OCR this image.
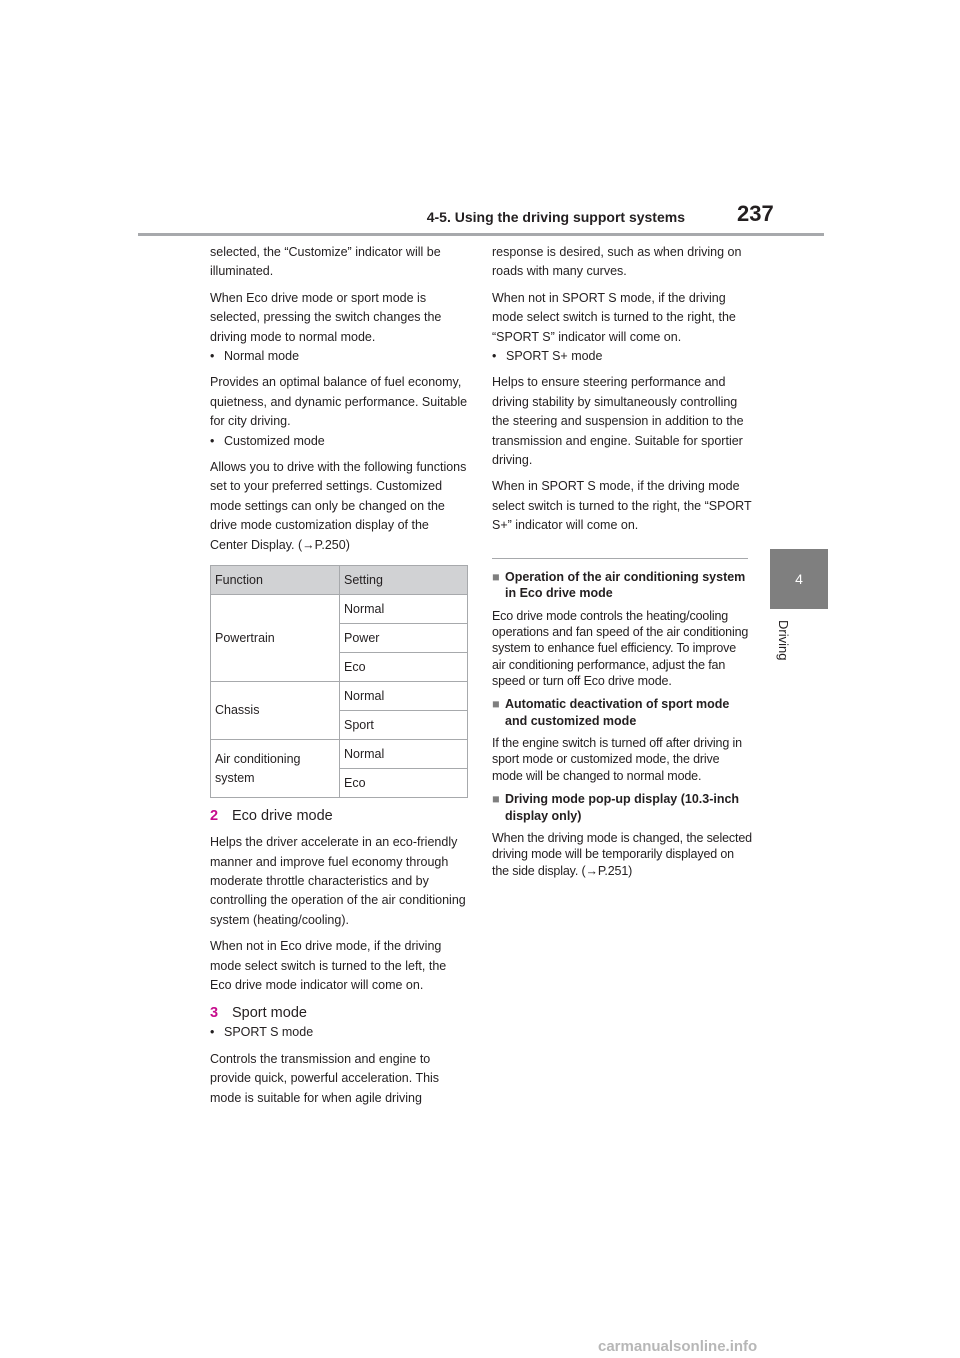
4-5. Using the driving support systems 237
4
Driving

selected, the “Customize” indicator will be illuminated.

When Eco drive mode or sport mode is selected, pressing the switch changes the driving mode to normal mode.

• Normal mode

Provides an optimal balance of fuel economy, quietness, and dynamic performance. Suitable for city driving.

• Customized mode

Allows you to drive with the following functions set to your preferred settings. Customized mode settings can only be changed on the drive mode customization display of the Center Display. (→P.250)

Function	Setting
Powertrain	Normal
	Power
	Eco
Chassis	Normal
	Sport
Air conditioning system	Normal
	Eco
2 Eco drive mode

Helps the driver accelerate in an eco-friendly manner and improve fuel economy through moderate throttle characteristics and by controlling the operation of the air conditioning system (heating/cooling).

When not in Eco drive mode, if the driving mode select switch is turned to the left, the Eco drive mode indicator will come on.

3 Sport mode

• SPORT S mode

Controls the transmission and engine to provide quick, powerful acceleration. This mode is suitable for when agile driving

response is desired, such as when driving on roads with many curves.

When not in SPORT S mode, if the driving mode select switch is turned to the right, the “SPORT S” indicator will come on.

• SPORT S+ mode

Helps to ensure steering performance and driving stability by simultaneously controlling the steering and suspension in addition to the transmission and engine. Suitable for sportier driving.

When in SPORT S mode, if the driving mode select switch is turned to the right, the “SPORT S+” indicator will come on.

■ Operation of the air conditioning system in Eco drive mode
Eco drive mode controls the heating/cooling operations and fan speed of the air conditioning system to enhance fuel efficiency. To improve air conditioning performance, adjust the fan speed or turn off Eco drive mode.
■ Automatic deactivation of sport mode and customized mode
If the engine switch is turned off after driving in sport mode or customized mode, the drive mode will be changed to normal mode.
■ Driving mode pop-up display (10.3-inch display only)
When the driving mode is changed, the selected driving mode will be temporarily displayed on the side display. (→P.251)
carmanualsonline.info
